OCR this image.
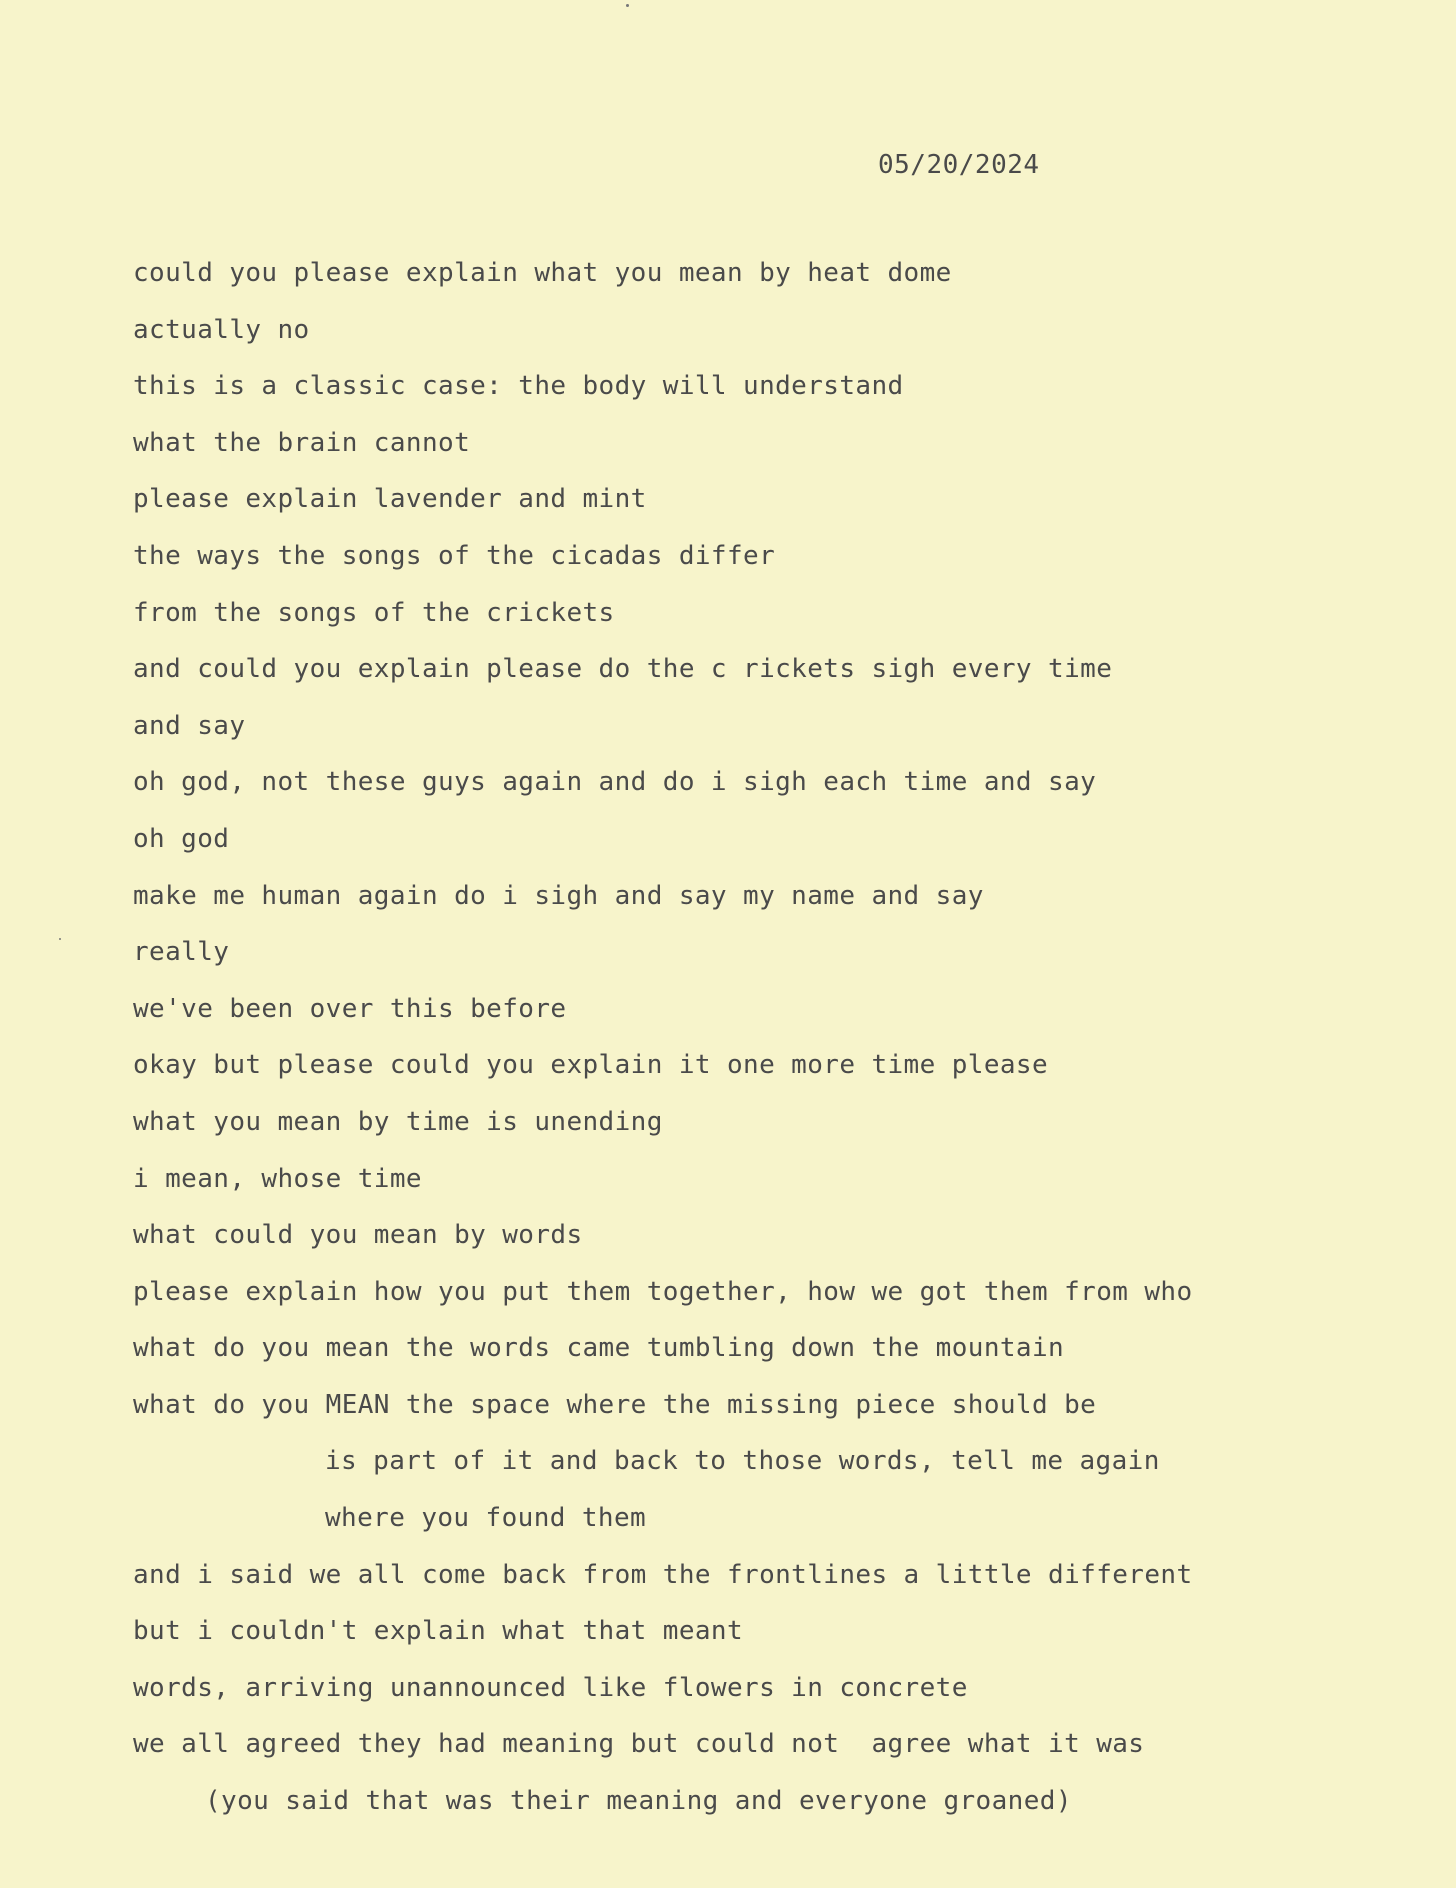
05/20/2024
could you please explain what you mean by heat dome
actually no
this is a classic case: the body will understand
what the brain cannot
please explain lavender and mint
the ways the songs of the cicadas differ
from the songs of the crickets
and could you explain please do the c rickets sigh every time
and say
oh god, not these guys again and do i sigh each time and say
oh god
make me human again do i sigh and say my name and say
really
we've been over this before
okay but please could you explain it one more time please
what you mean by time is unending
i mean, whose time
what could you mean by words
please explain how you put them together, how we got them from who
what do you mean the words came tumbling down the mountain
what do you MEAN the space where the missing piece should be
is part of it and back to those words, tell me again
where you found them
and i said we all come back from the frontlines a little different
but i couldn't explain what that meant
words, arriving unannounced like flowers in concrete
we all agreed they had meaning but could not  agree what it was
(you said that was their meaning and everyone groaned)
